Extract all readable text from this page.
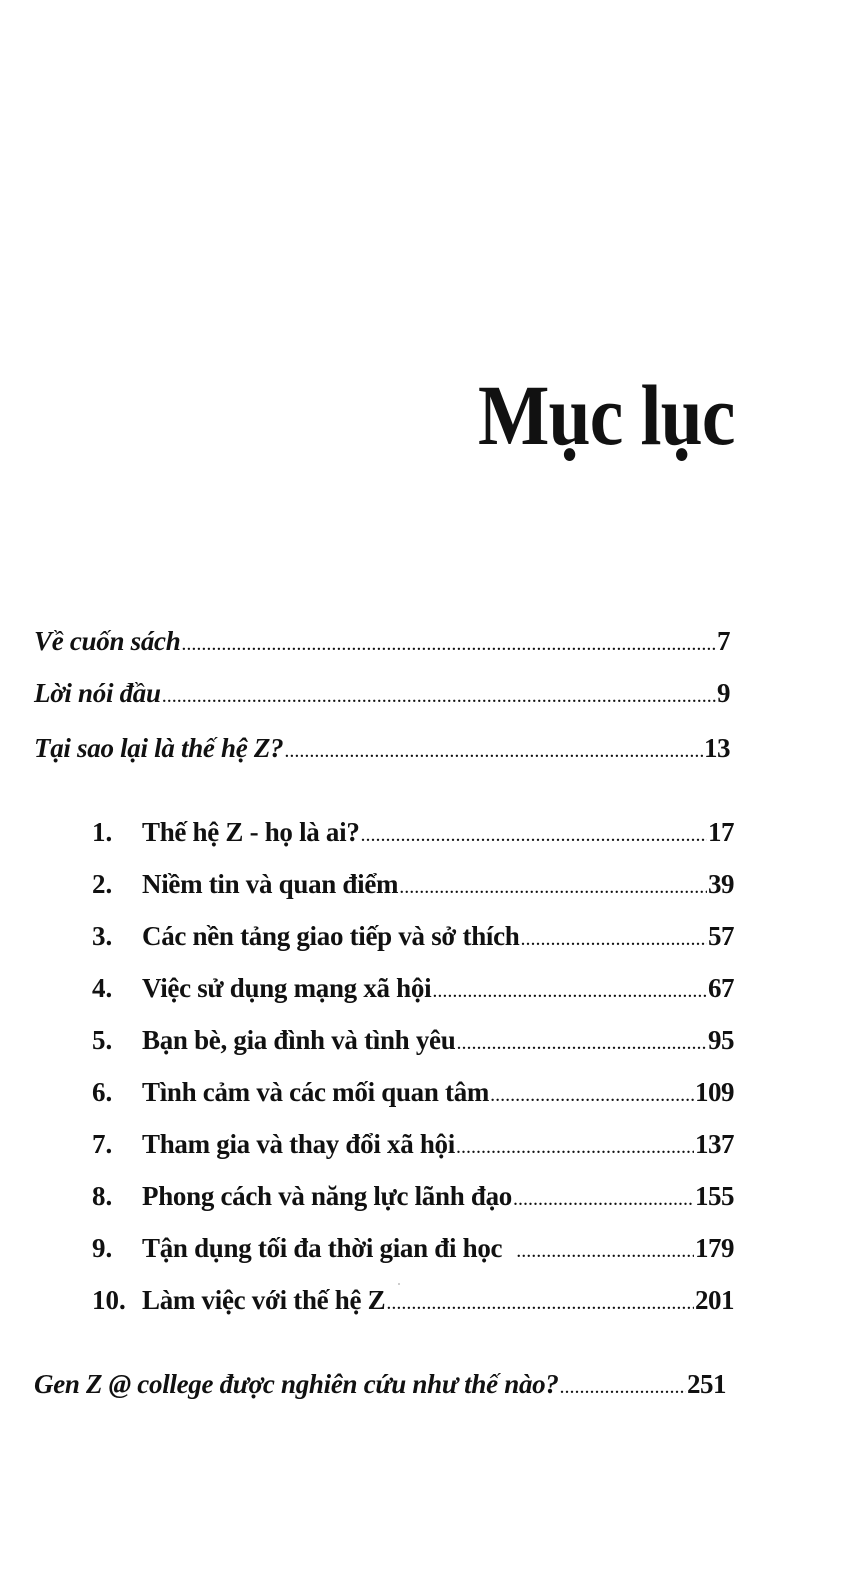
Mục lục
Về cuốn sách .....	7
Lời nói đầu .....	9
Tại sao lại là thế hệ Z? .....	13
1.	Thế hệ Z - họ là ai? .....	17
2.	Niềm tin và quan điểm .....	39
3.	Các nền tảng giao tiếp và sở thích .....	57
4.	Việc sử dụng mạng xã hội .....	67
5.	Bạn bè, gia đình và tình yêu .....	95
6.	Tình cảm và các mối quan tâm .....	109
7.	Tham gia và thay đổi xã hội .....	137
8.	Phong cách và năng lực lãnh đạo .....	155
9.	Tận dụng tối đa thời gian đi học .....	179
10. Làm việc với thế hệ Z .....	201
Gen Z @ college được nghiên cứu như thế nào? .....	251
